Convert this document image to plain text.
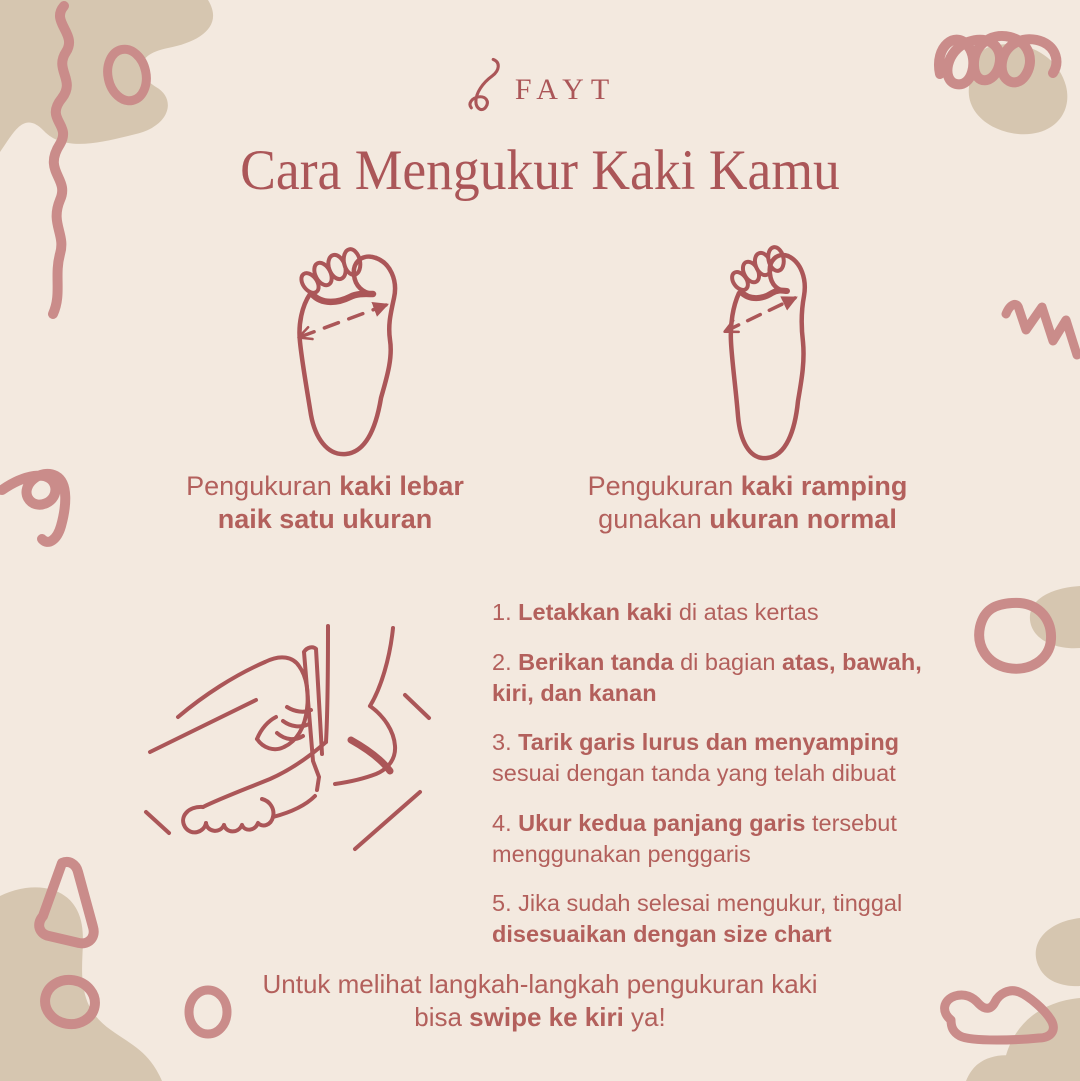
FAYT
Cara Mengukur Kaki Kamu
Pengukuran kaki lebar
naik satu ukuran
Pengukuran kaki ramping
gunakan ukuran normal
1. Letakkan kaki di atas kertas
2. Berikan tanda di bagian atas, bawah, kiri, dan kanan
3. Tarik garis lurus dan menyamping sesuai dengan tanda yang telah dibuat
4. Ukur kedua panjang garis tersebut menggunakan penggaris
5. Jika sudah selesai mengukur, tinggal disesuaikan dengan size chart
Untuk melihat langkah-langkah pengukuran kaki
bisa swipe ke kiri ya!
